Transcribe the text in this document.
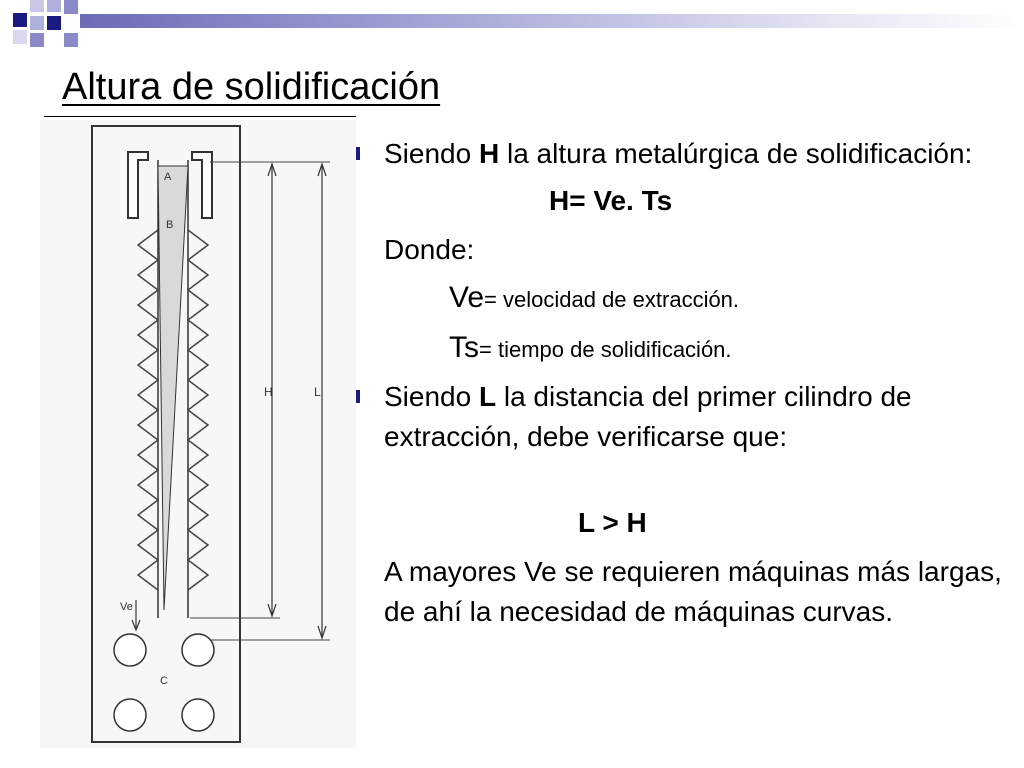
Altura de solidificación
A
B
C
H	L
Ve
Siendo H la altura metalúrgica de solidificación:
H= Ve. Ts
Donde:
Ve= velocidad de extracción.
Ts= tiempo de solidificación.
Siendo L la distancia del primer cilindro de extracción, debe verificarse que:
L > H
A mayores Ve se requieren máquinas más largas, de ahí la necesidad de máquinas curvas.
